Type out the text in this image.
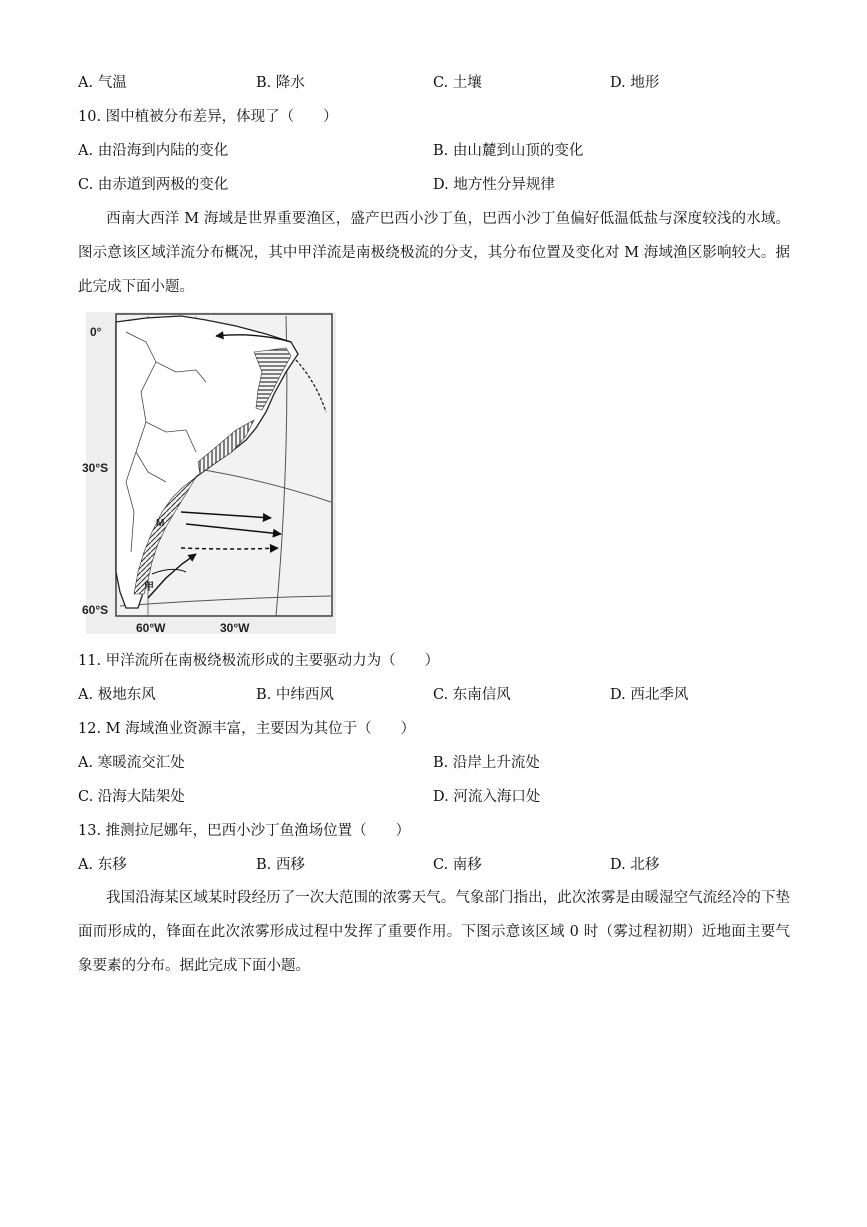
A. 气温	B. 降水	C. 土壤	D. 地形
10. 图中植被分布差异，体现了（　　）
A. 由沿海到内陆的变化	B. 由山麓到山顶的变化
C. 由赤道到两极的变化	D. 地方性分异规律
西南大西洋 M 海域是世界重要渔区，盛产巴西小沙丁鱼，巴西小沙丁鱼偏好低温低盐与深度较浅的水域。图示意该区域洋流分布概况，其中甲洋流是南极绕极流的分支，其分布位置及变化对 M 海域渔区影响较大。据此完成下面小题。
0°
30°S
60°S
60°W	30°W
M
甲
11. 甲洋流所在南极绕极流形成的主要驱动力为（　　）
A. 极地东风	B. 中纬西风	C. 东南信风	D. 西北季风
12. M 海域渔业资源丰富，主要因为其位于（　　）
A. 寒暖流交汇处	B. 沿岸上升流处
C. 沿海大陆架处	D. 河流入海口处
13. 推测拉尼娜年，巴西小沙丁鱼渔场位置（　　）
A. 东移	B. 西移	C. 南移	D. 北移
我国沿海某区域某时段经历了一次大范围的浓雾天气。气象部门指出，此次浓雾是由暖湿空气流经冷的下垫面而形成的，锋面在此次浓雾形成过程中发挥了重要作用。下图示意该区域 0 时（雾过程初期）近地面主要气象要素的分布。据此完成下面小题。
